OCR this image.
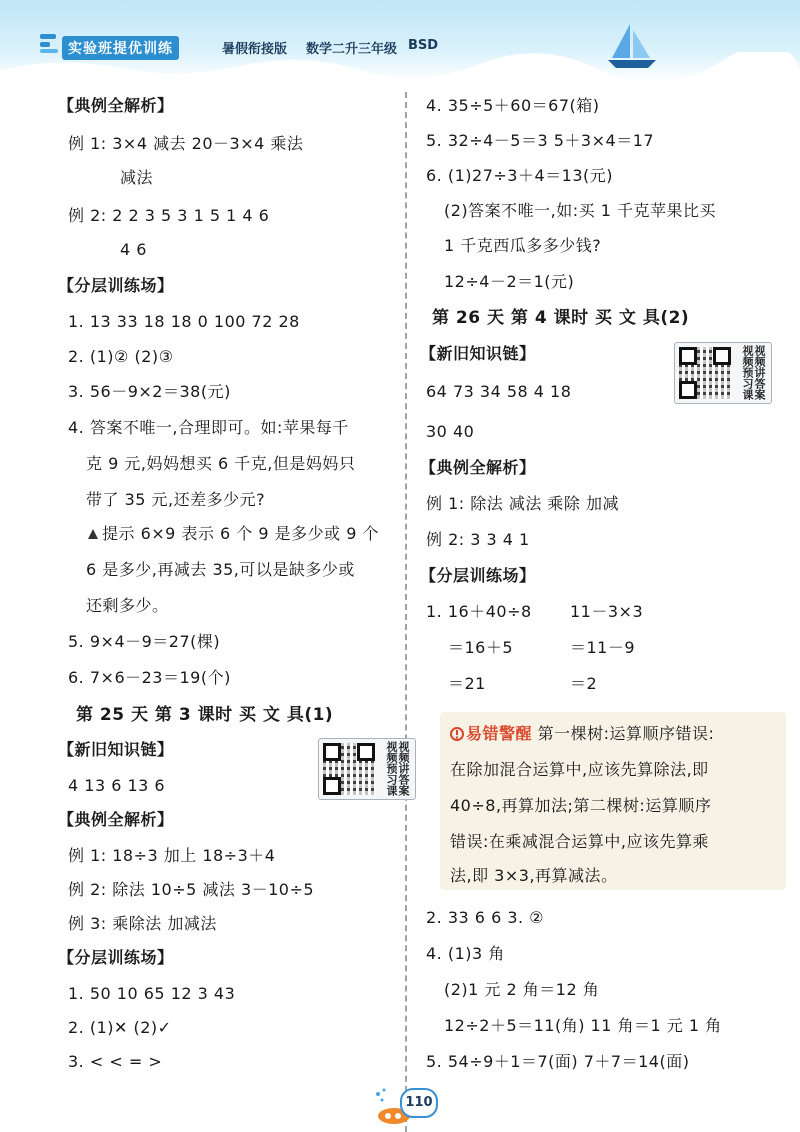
实验班提优训练	暑假衔接版 数学二升三年级 BSD
【典例全解析】
例 1: 3×4 减去 20－3×4 乘法
减法
例 2: 2 2 3 5 3 1 5 1 4 6
4 6
【分层训练场】
1. 13 33 18 18 0 100 72 28
2. (1)② (2)③
3. 56－9×2＝38(元)
4. 答案不唯一,合理即可。如:苹果每千
克 9 元,妈妈想买 6 千克,但是妈妈只
带了 35 元,还差多少元?
提示 6×9 表示 6 个 9 是多少或 9 个
6 是多少,再减去 35,可以是缺多少或
还剩多少。
5. 9×4－9＝27(棵)
6. 7×6－23＝19(个)
第 25 天 第 3 课时 买 文 具(1)
【新旧知识链】	视频讲答案 视频预习课
4 13 6 13 6
【典例全解析】
例 1: 18÷3 加上 18÷3＋4
例 2: 除法 10÷5 减法 3－10÷5
例 3: 乘除法 加减法
【分层训练场】
1. 50 10 65 12 3 43
2. (1)✕ (2)✓
3. < < = >
4. 35÷5＋60＝67(箱)
5. 32÷4－5＝3 5＋3×4＝17
6. (1)27÷3＋4＝13(元)
(2)答案不唯一,如:买 1 千克苹果比买
1 千克西瓜多多少钱?
12÷4－2＝1(元)
第 26 天 第 4 课时 买 文 具(2)
【新旧知识链】	视频讲答案 视频预习课
64 73 34 58 4 18
30 40
【典例全解析】
例 1: 除法 减法 乘除 加减
例 2: 3 3 4 1
【分层训练场】
1. 16＋40÷8 11－3×3
＝16＋5	＝11－9
＝21	＝2
易错警醒 第一棵树:运算顺序错误:
在除加混合运算中,应该先算除法,即
40÷8,再算加法;第二棵树:运算顺序
错误:在乘减混合运算中,应该先算乘
法,即 3×3,再算减法。
2. 33 6 6 3. ②
4. (1)3 角
(2)1 元 2 角＝12 角
12÷2＋5＝11(角) 11 角＝1 元 1 角
5. 54÷9＋1＝7(面) 7＋7＝14(面)
110
